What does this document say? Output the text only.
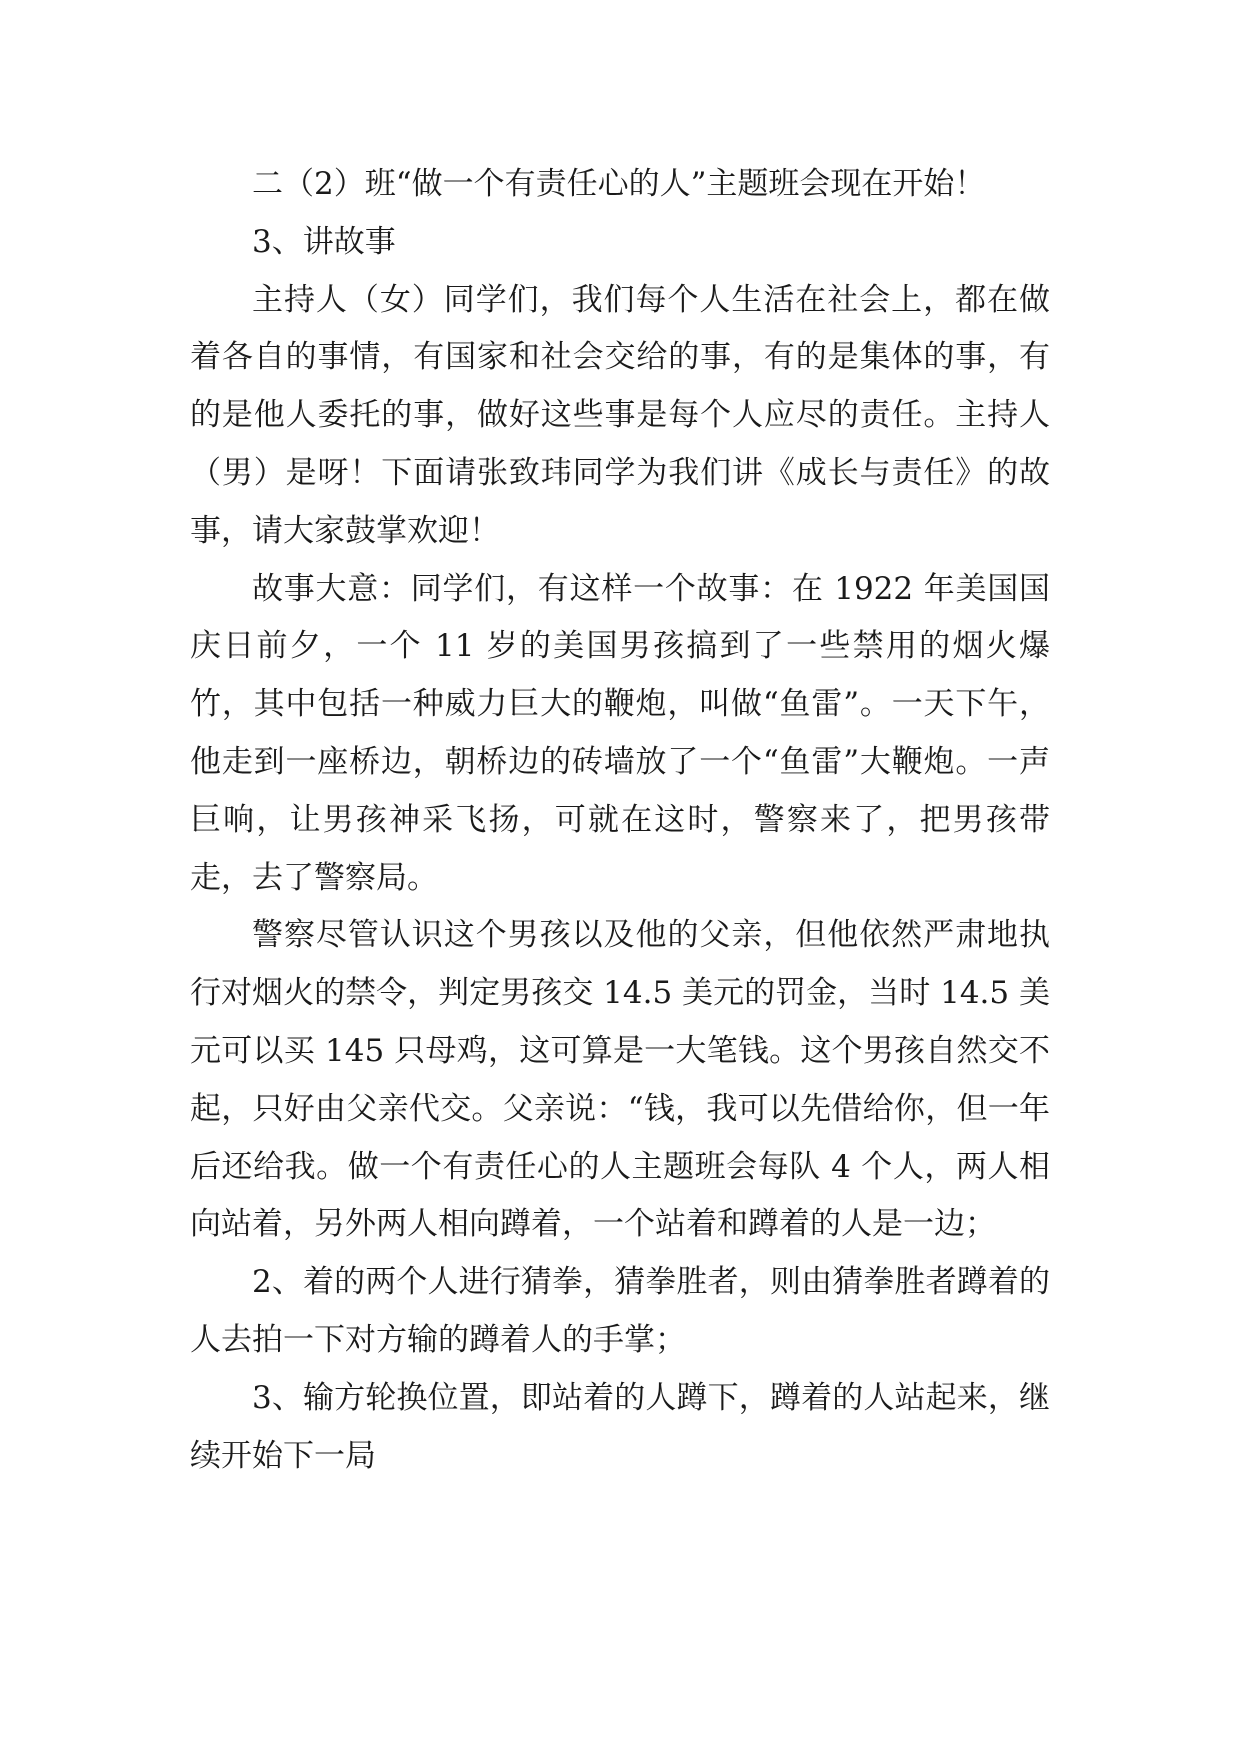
二（2）班“做一个有责任心的人”主题班会现在开始！

3、讲故事

主持人（女）同学们，我们每个人生活在社会上，都在做着各自的事情，有国家和社会交给的事，有的是集体的事，有的是他人委托的事，做好这些事是每个人应尽的责任。主持人（男）是呀！下面请张致玮同学为我们讲《成长与责任》的故事，请大家鼓掌欢迎！

故事大意：同学们，有这样一个故事：在 1922 年美国国庆日前夕，一个 11 岁的美国男孩搞到了一些禁用的烟火爆竹，其中包括一种威力巨大的鞭炮，叫做“鱼雷”。一天下午，他走到一座桥边，朝桥边的砖墙放了一个“鱼雷”大鞭炮。一声巨响，让男孩神采飞扬，可就在这时，警察来了，把男孩带走，去了警察局。

警察尽管认识这个男孩以及他的父亲，但他依然严肃地执行对烟火的禁令，判定男孩交 14.5 美元的罚金，当时 14.5 美元可以买 145 只母鸡，这可算是一大笔钱。这个男孩自然交不起，只好由父亲代交。父亲说：“钱，我可以先借给你，但一年后还给我。做一个有责任心的人主题班会每队 4 个人，两人相向站着，另外两人相向蹲着，一个站着和蹲着的人是一边；

2、着的两个人进行猜拳，猜拳胜者，则由猜拳胜者蹲着的人去拍一下对方输的蹲着人的手掌；

3、输方轮换位置，即站着的人蹲下，蹲着的人站起来，继续开始下一局
